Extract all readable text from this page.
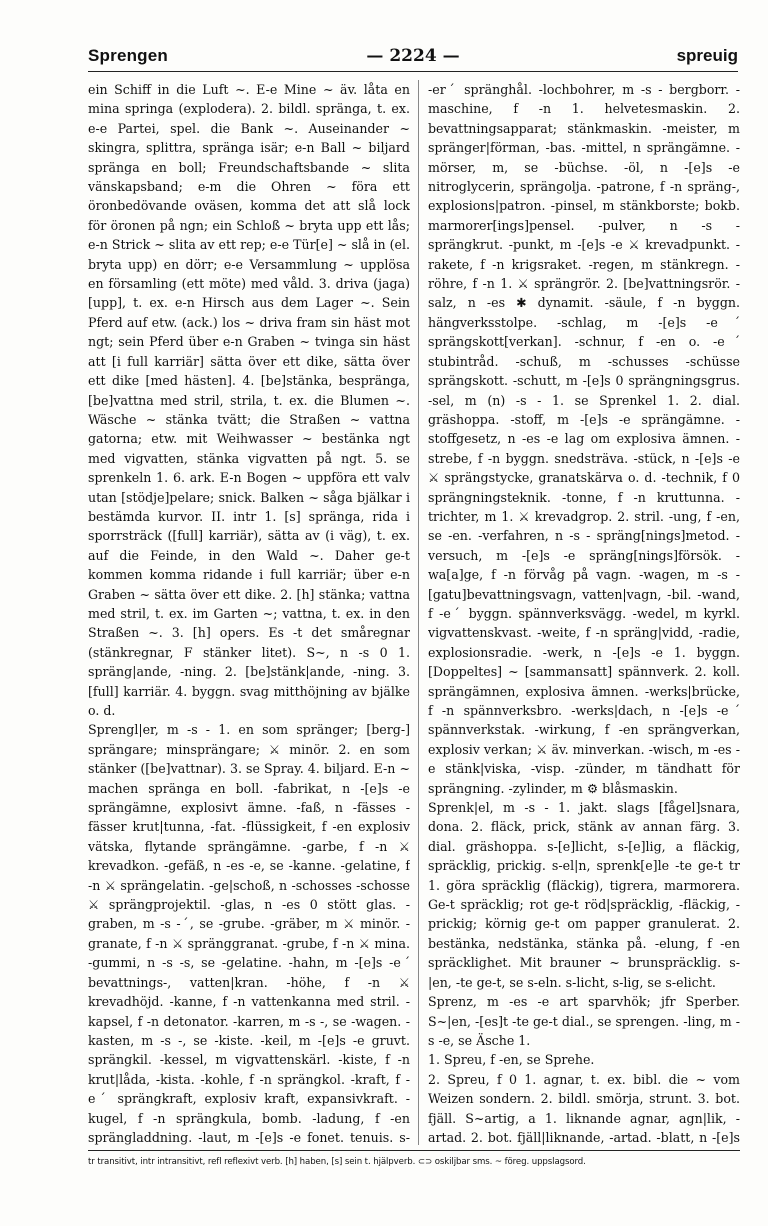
Sprengen	— 2224 —	spreuig
ein Schiff in die Luft ~. E-e Mine ~ äv. låta en mina springa (explodera). 2. bildl. spränga, t. ex. e-e Partei, spel. die Bank ~. Auseinander ~ skingra, splittra, spränga isär; e-n Ball ~ biljard spränga en boll; Freundschaftsbande ~ slita vänskapsband; e-m die Ohren ~ föra ett öronbedövande oväsen, komma det att slå lock för öronen på ngn; ein Schloß ~ bryta upp ett lås; e-n Strick ~ slita av ett rep; e-e Tür[e] ~ slå in (el. bryta upp) en dörr; e-e Versammlung ~ upplösa en församling (ett möte) med våld. 3. driva (jaga) [upp], t. ex. e-n Hirsch aus dem Lager ~. Sein Pferd auf etw. (ack.) los ~ driva fram sin häst mot ngt; sein Pferd über e-n Graben ~ tvinga sin häst att [i full karriär] sätta över ett dike, sätta över ett dike [med hästen]. 4. [be]stänka, bespränga, [be]vattna med stril, strila, t. ex. die Blumen ~. Wäsche ~ stänka tvätt; die Straßen ~ vattna gatorna; etw. mit Weihwasser ~ bestänka ngt med vigvatten, stänka vigvatten på ngt. 5. se sprenkeln 1. 6. ark. E-n Bogen ~ uppföra ett valv utan [stödje]pelare; snick. Balken ~ såga bjälkar i bestämda kurvor. II. intr 1. [s] spränga, rida i sporrsträck ([full] karriär), sätta av (i väg), t. ex. auf die Feinde, in den Wald ~. Daher ge-t kommen komma ridande i full karriär; über e-n Graben ~ sätta över ett dike. 2. [h] stänka; vattna med stril, t. ex. im Garten ~; vattna, t. ex. in den Straßen ~. 3. [h] opers. Es -t det småregnar (stänkregnar, F stänker litet). S~, n -s 0 1. spräng|ande, -ning. 2. [be]stänk|ande, -ning. 3. [full] karriär. 4. byggn. svag mitthöjning av bjälke o. d.
Sprengl|er, m -s - 1. en som spränger; [berg-] sprängare; minsprängare; ⚔ minör. 2. en som stänker ([be]vattnar). 3. se Spray. 4. biljard. E-n ~ machen spränga en boll. -fabrikat, n -[e]s -e sprängämne, explosivt ämne. -faß, n -fässes -fässer krut|tunna, -fat. -flüssigkeit, f -en explosiv vätska, flytande sprängämne. -garbe, f -n ⚔ krevadkon. -gefäß, n -es -e, se -kanne. -gelatine, f -n ⚔ sprängelatin. -ge|schoß, n -schosses -schosse ⚔ sprängprojektil. -glas, n -es 0 stött glas. -graben, m -s -ˊ, se -grube. -gräber, m ⚔ minör. -granate, f -n ⚔ spränggranat. -grube, f -n ⚔ mina. -gummi, n -s -s, se -gelatine. -hahn, m -[e]s -eˊ bevattnings-, vatten|kran. -höhe, f -n ⚔ krevadhöjd. -kanne, f -n vattenkanna med stril. -kapsel, f -n detonator. -karren, m -s -, se -wagen. -kasten, m -s -, se -kiste. -keil, m -[e]s -e gruvt. sprängkil. -kessel, m vigvattenskärl. -kiste, f -n krut|låda, -kista. -kohle, f -n sprängkol. -kraft, f -eˊ sprängkraft, explosiv kraft, expansivkraft. -kugel, f -n sprängkula, bomb. -ladung, f -en sprängladdning. -laut, m -[e]s -e fonet. tenuis. s-
-erˊ spränghål. -lochbohrer, m -s - bergborr. -maschine, f -n 1. helvetesmaskin. 2. bevattningsapparat; stänkmaskin. -meister, m spränger|förman, -bas. -mittel, n sprängämne. -mörser, m, se -büchse. -öl, n -[e]s -e nitroglycerin, sprängolja. -patrone, f -n spräng-, explosions|patron. -pinsel, m stänkborste; bokb. marmorer[ings]pensel. -pulver, n -s - sprängkrut. -punkt, m -[e]s -e ⚔ krevadpunkt. -rakete, f -n krigsraket. -regen, m stänkregn. -röhre, f -n 1. ⚔ sprängrör. 2. [be]vattningsrör. -salz, n -es ✱ dynamit. -säule, f -n byggn. hängverksstolpe. -schlag, m -[e]s -eˊ sprängskott[verkan]. -schnur, f -en o. -eˊ stubintråd. -schuß, m -schusses -schüsse sprängskott. -schutt, m -[e]s 0 sprängningsgrus. -sel, m (n) -s - 1. se Sprenkel 1. 2. dial. gräshoppa. -stoff, m -[e]s -e sprängämne. -stoffgesetz, n -es -e lag om explosiva ämnen. -strebe, f -n byggn. snedsträva. -stück, n -[e]s -e ⚔ sprängstycke, granatskärva o. d. -technik, f 0 sprängningsteknik. -tonne, f -n kruttunna. -trichter, m 1. ⚔ krevadgrop. 2. stril. -ung, f -en, se -en. -verfahren, n -s - spräng[nings]metod. -versuch, m -[e]s -e spräng[nings]försök. -wa[a]ge, f -n förvåg på vagn. -wagen, m -s - [gatu]bevattningsvagn, vatten|vagn, -bil. -wand, f -eˊ byggn. spännverksvägg. -wedel, m kyrkl. vigvattenskvast. -weite, f -n spräng|vidd, -radie, explosionsradie. -werk, n -[e]s -e 1. byggn. [Doppeltes] ~ [sammansatt] spännverk. 2. koll. sprängämnen, explosiva ämnen. -werks|brücke, f -n spännverksbro. -werks|dach, n -[e]s -eˊ spännverkstak. -wirkung, f -en sprängverkan, explosiv verkan; ⚔ äv. minverkan. -wisch, m -es -e stänk|viska, -visp. -zünder, m tändhatt för sprängning. -zylinder, m ⚙ blåsmaskin.
Sprenk|el, m -s - 1. jakt. slags [fågel]snara, dona. 2. fläck, prick, stänk av annan färg. 3. dial. gräshoppa. s-[e]licht, s-[e]lig, a fläckig, spräcklig, prickig. s-el|n, sprenk[e]le -te ge-t tr 1. göra spräcklig (fläckig), tigrera, marmorera. Ge-t spräcklig; rot ge-t röd|spräcklig, -fläckig, -prickig; körnig ge-t om papper granulerat. 2. bestänka, nedstänka, stänka på. -elung, f -en spräcklighet. Mit brauner ~ brunspräcklig. s-|en, -te ge-t, se s-eln. s-licht, s-lig, se s-elicht.
Sprenz, m -es -e art sparvhök; jfr Sperber. S~|en, -[es]t -te ge-t dial., se sprengen. -ling, m -s -e, se Äsche 1.
1. Spreu, f -en, se Sprehe.
2. Spreu, f 0 1. agnar, t. ex. bibl. die ~ vom Weizen sondern. 2. bildl. smörja, strunt. 3. bot. fjäll. S~artig, a 1. liknande agnar, agn|lik, -artad. 2. bot. fjäll|liknande, -artad. -blatt, n -[e]s
tr transitivt, intr intransitivt, refl reflexivt verb. [h] haben, [s] sein t. hjälpverb. ⊂⊃ oskiljbar sms. ~ föreg. uppslagsord.
